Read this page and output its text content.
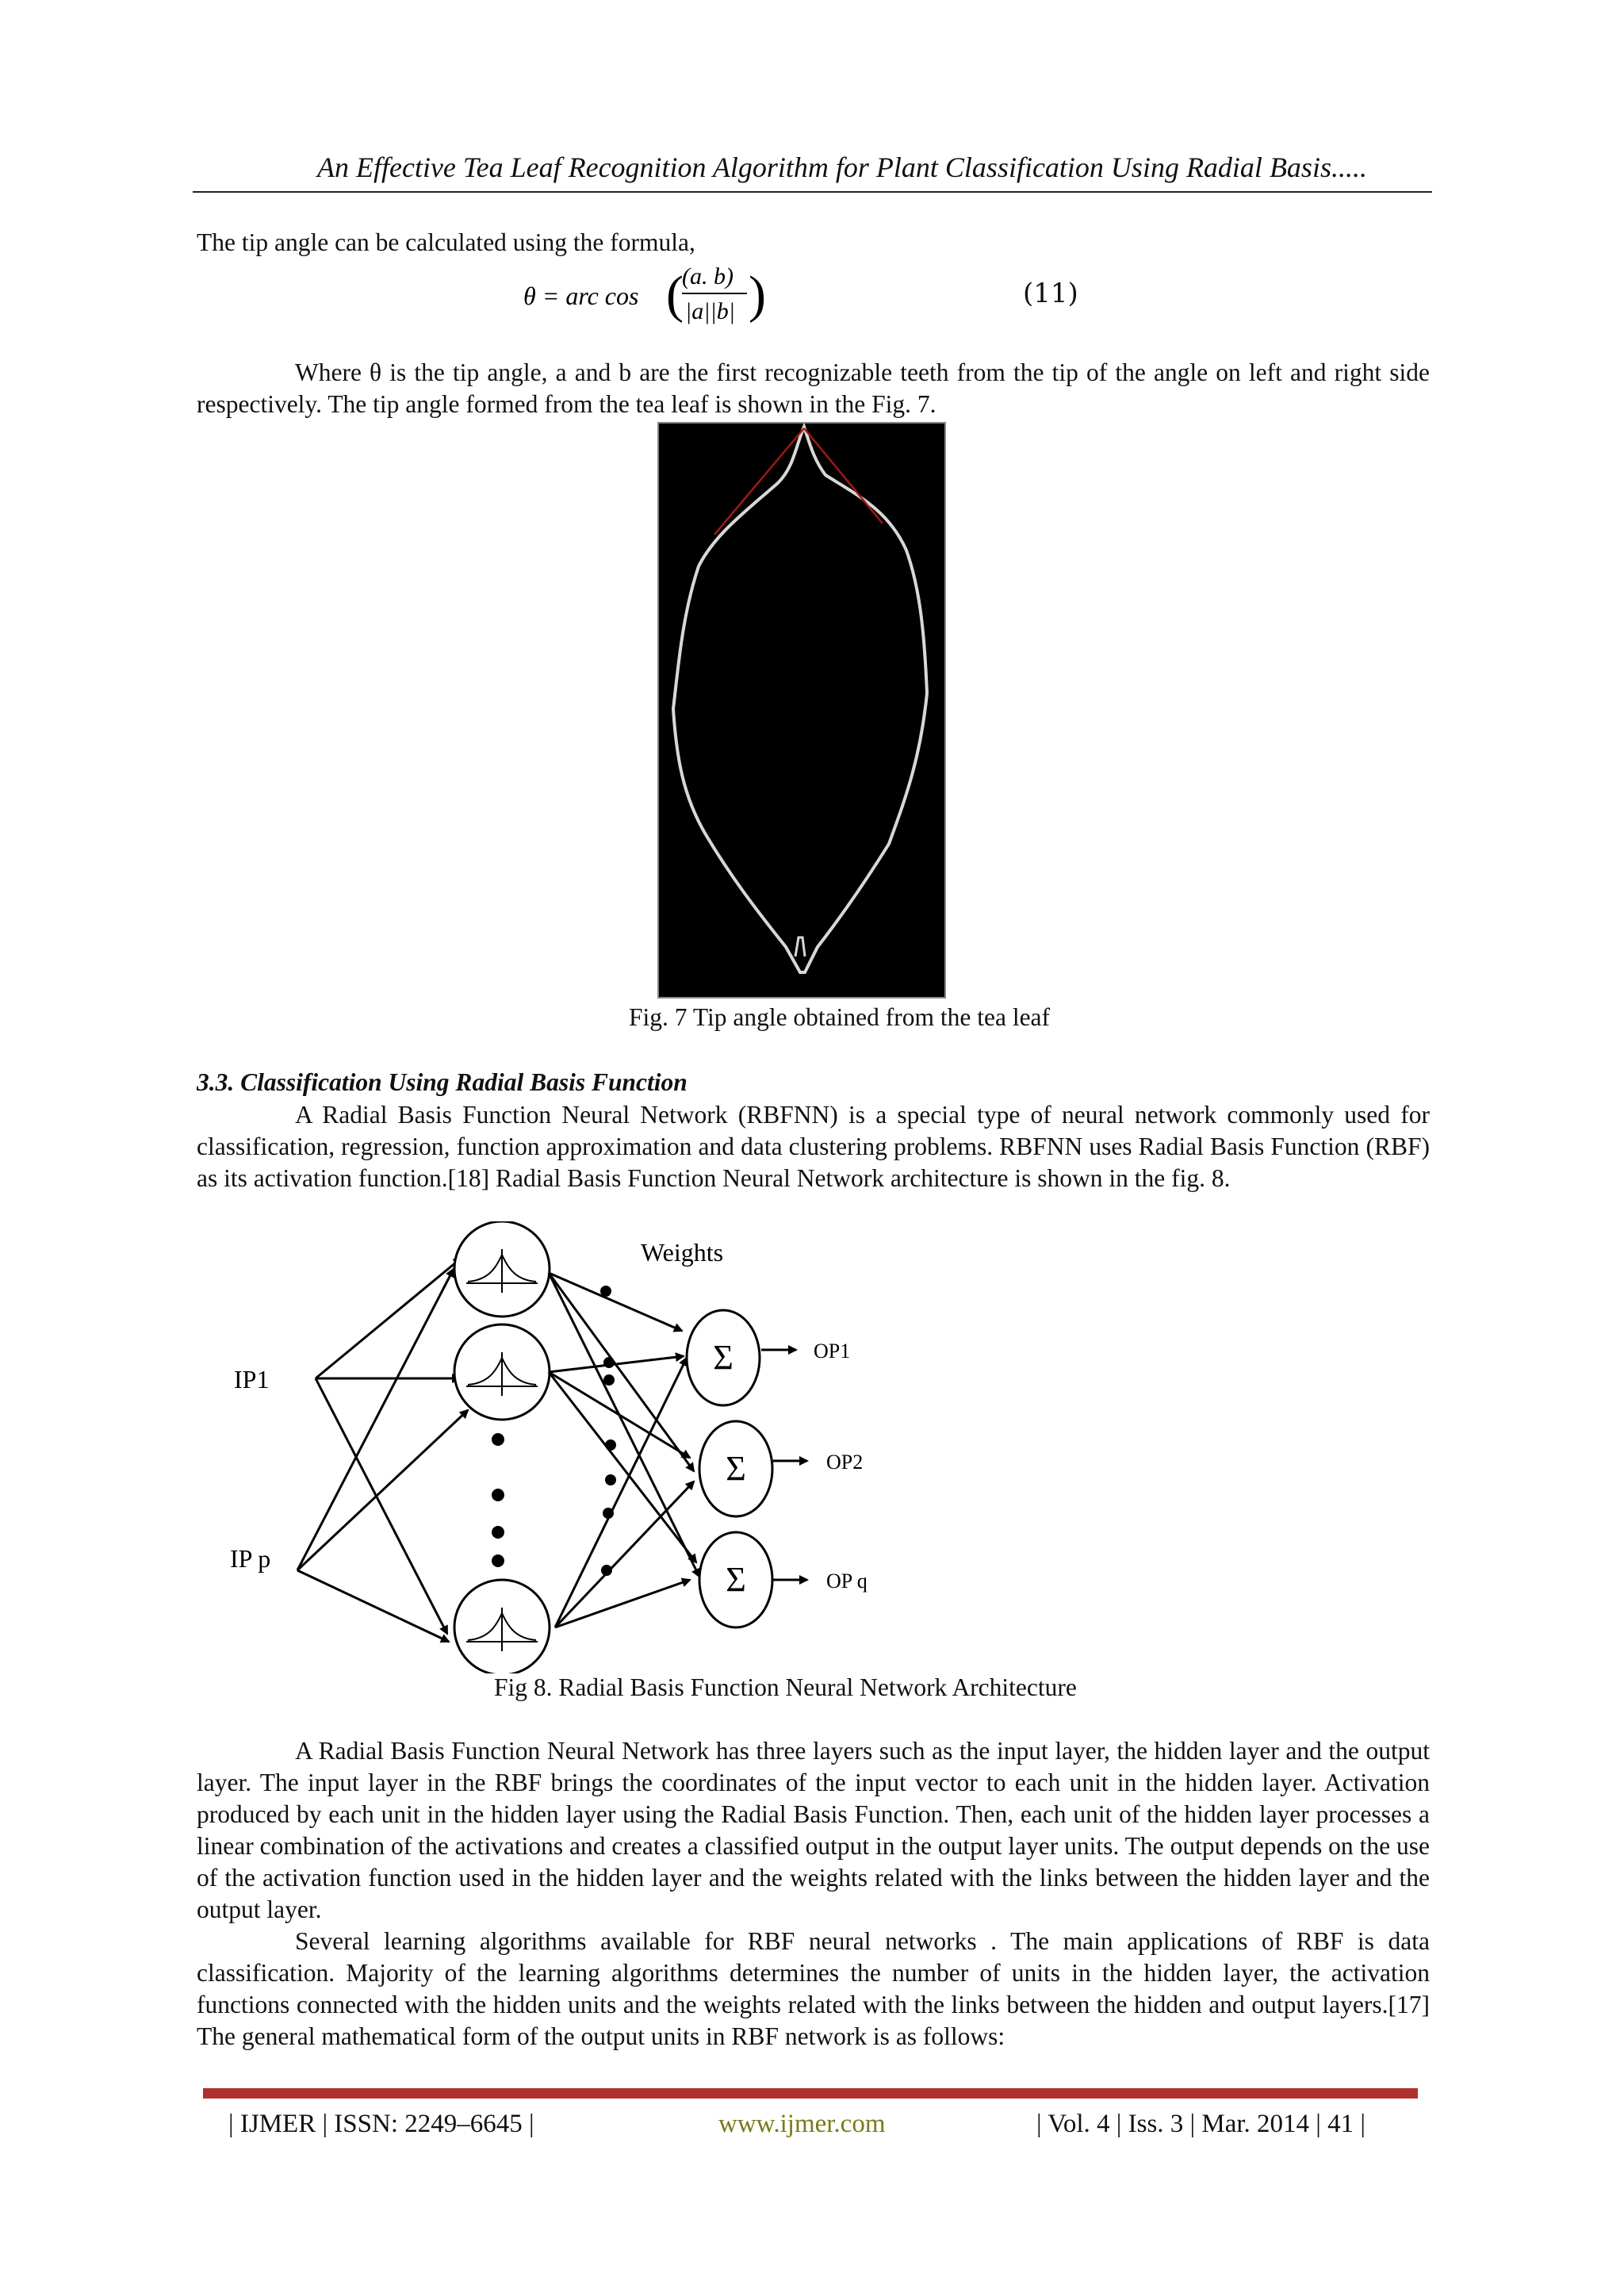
An Effective Tea Leaf Recognition Algorithm for Plant Classification Using Radial Basis.....

The tip angle can be calculated using the formula,

θ = arc cos (
(a. b)
|a||b| )	(11)

Where θ is the tip angle, a and b are the first recognizable teeth from the tip of the angle on left and right side respectively. The tip angle formed from the tea leaf is shown in the Fig. 7.

Fig. 7 Tip angle obtained from the tea leaf
3.3. Classification Using Radial Basis Function

A Radial Basis Function Neural Network (RBFNN) is a special type of neural network commonly used for classification, regression, function approximation and data clustering problems. RBFNN uses Radial Basis Function (RBF) as its activation function.[18] Radial Basis Function Neural Network architecture is shown in the fig. 8.

Weights
IP1
IP p
Σ
Σ
Σ
OP1
OP2
OP q
Fig 8. Radial Basis Function Neural Network Architecture

A Radial Basis Function Neural Network has three layers such as the input layer, the hidden layer and the output layer. The input layer in the RBF brings the coordinates of the input vector to each unit in the hidden layer. Activation produced by each unit in the hidden layer using the Radial Basis Function. Then, each unit of the hidden layer processes a linear combination of the activations and creates a classified output in the output layer units. The output depends on the use of the activation function used in the hidden layer and the weights related with the links between the hidden layer and the output layer.

Several learning algorithms available for RBF neural networks . The main applications of RBF is data classification. Majority of the learning algorithms determines the number of units in the hidden layer, the activation functions connected with the hidden units and the weights related with the links between the hidden and output layers.[17] The general mathematical form of the output units in RBF network is as follows:

| IJMER | ISSN: 2249–6645 |	www.ijmer.com	| Vol. 4 | Iss. 3 | Mar. 2014 | 41 |
